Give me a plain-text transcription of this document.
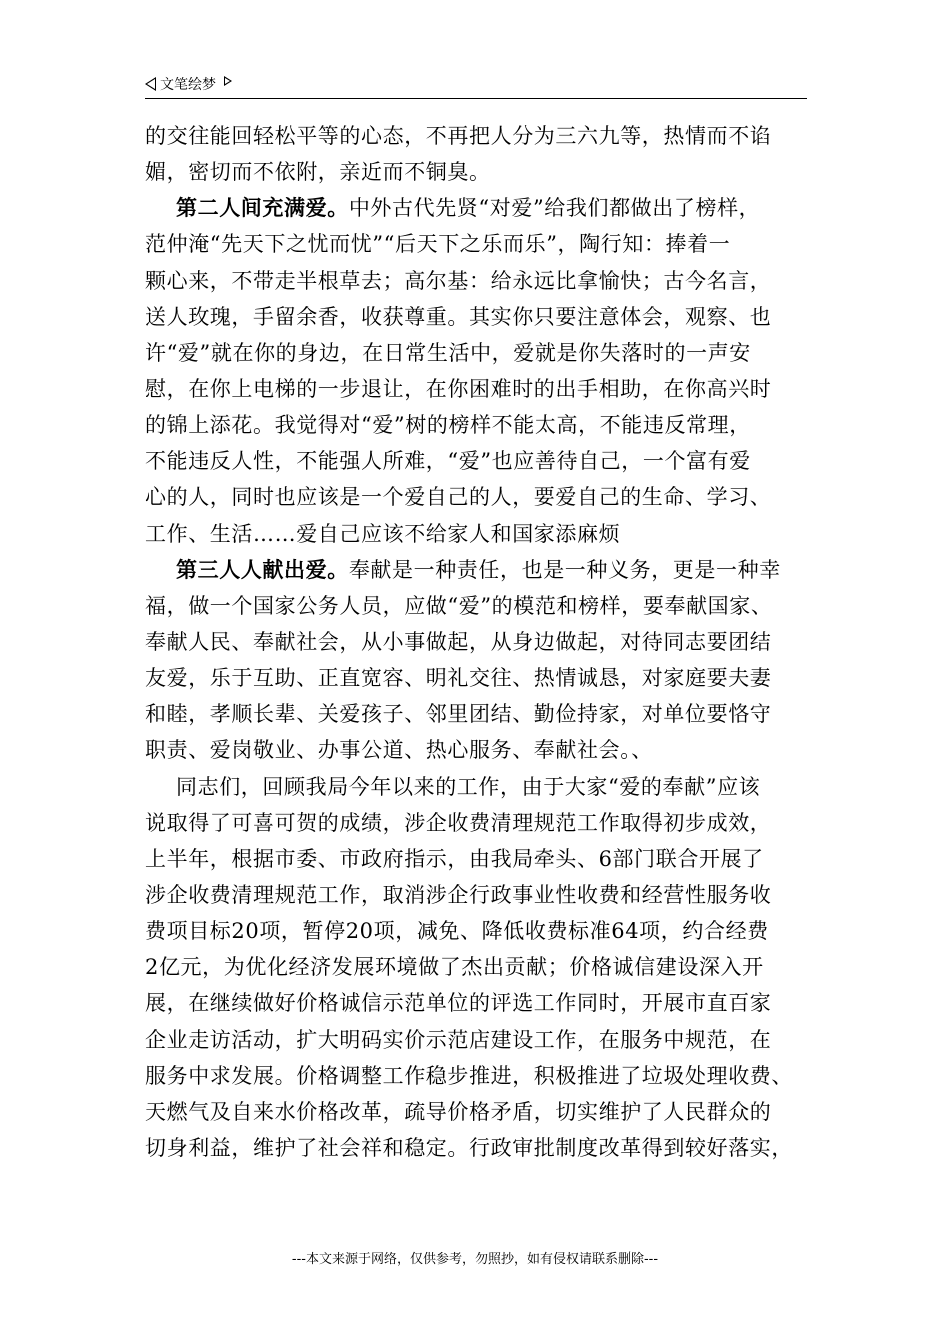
文笔绘梦
的交往能回轻松平等的心态，不再把人分为三六九等，热情而不谄
媚，密切而不依附，亲近而不铜臭。
第二人间充满爱。中外古代先贤“对爱”给我们都做出了榜样，
范仲淹“先天下之忧而忧”“后天下之乐而乐”，陶行知：捧着一
颗心来，不带走半根草去；高尔基：给永远比拿愉快；古今名言，
送人玫瑰，手留余香，收获尊重。其实你只要注意体会，观察、也
许“爱”就在你的身边，在日常生活中，爱就是你失落时的一声安
慰，在你上电梯的一步退让，在你困难时的出手相助，在你高兴时
的锦上添花。我觉得对“爱”树的榜样不能太高，不能违反常理，
不能违反人性，不能强人所难，“爱”也应善待自己，一个富有爱
心的人，同时也应该是一个爱自己的人，要爱自己的生命、学习、
工作、生活……爱自己应该不给家人和国家添麻烦
第三人人献出爱。奉献是一种责任，也是一种义务，更是一种幸
福，做一个国家公务人员，应做“爱”的模范和榜样，要奉献国家、
奉献人民、奉献社会，从小事做起，从身边做起，对待同志要团结
友爱，乐于互助、正直宽容、明礼交往、热情诚恳，对家庭要夫妻
和睦，孝顺长辈、关爱孩子、邻里团结、勤俭持家，对单位要恪守
职责、爱岗敬业、办事公道、热心服务、奉献社会。、
同志们，回顾我局今年以来的工作，由于大家“爱的奉献”应该
说取得了可喜可贺的成绩，涉企收费清理规范工作取得初步成效，
上半年，根据市委、市政府指示，由我局牵头、6部门联合开展了
涉企收费清理规范工作，取消涉企行政事业性收费和经营性服务收
费项目标20项，暂停20项，减免、降低收费标准64项，约合经费
2亿元，为优化经济发展环境做了杰出贡献；价格诚信建设深入开
展，在继续做好价格诚信示范单位的评选工作同时，开展市直百家
企业走访活动，扩大明码实价示范店建设工作，在服务中规范，在
服务中求发展。价格调整工作稳步推进，积极推进了垃圾处理收费、
天燃气及自来水价格改革，疏导价格矛盾，切实维护了人民群众的
切身利益，维护了社会祥和稳定。行政审批制度改革得到较好落实，
---本文来源于网络，仅供参考，勿照抄，如有侵权请联系删除---
